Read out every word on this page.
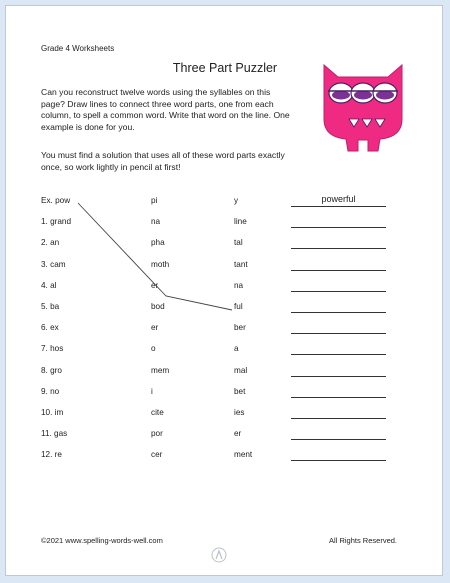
Grade 4 Worksheets
Three Part Puzzler

Can you reconstruct twelve words using the syllables on this page? Draw lines to connect three word parts, one from each column, to spell a common word. Write that word on the line. One example is done for you.

You must find a solution that uses all of these word parts exactly once, so work lightly in pencil at first!

Ex. pow	pi	y	powerful
1. grand	na	line
2. an	pha	tal
3. cam	moth	tant
4. al	er	na
5. ba	bod	ful
6. ex	er	ber
7. hos	o	a
8. gro	mem	mal
9. no	i	bet
10. im	cite	ies
11. gas	por	er
12. re	cer	ment
©2021 www.spelling-words-well.com	All Rights Reserved.
